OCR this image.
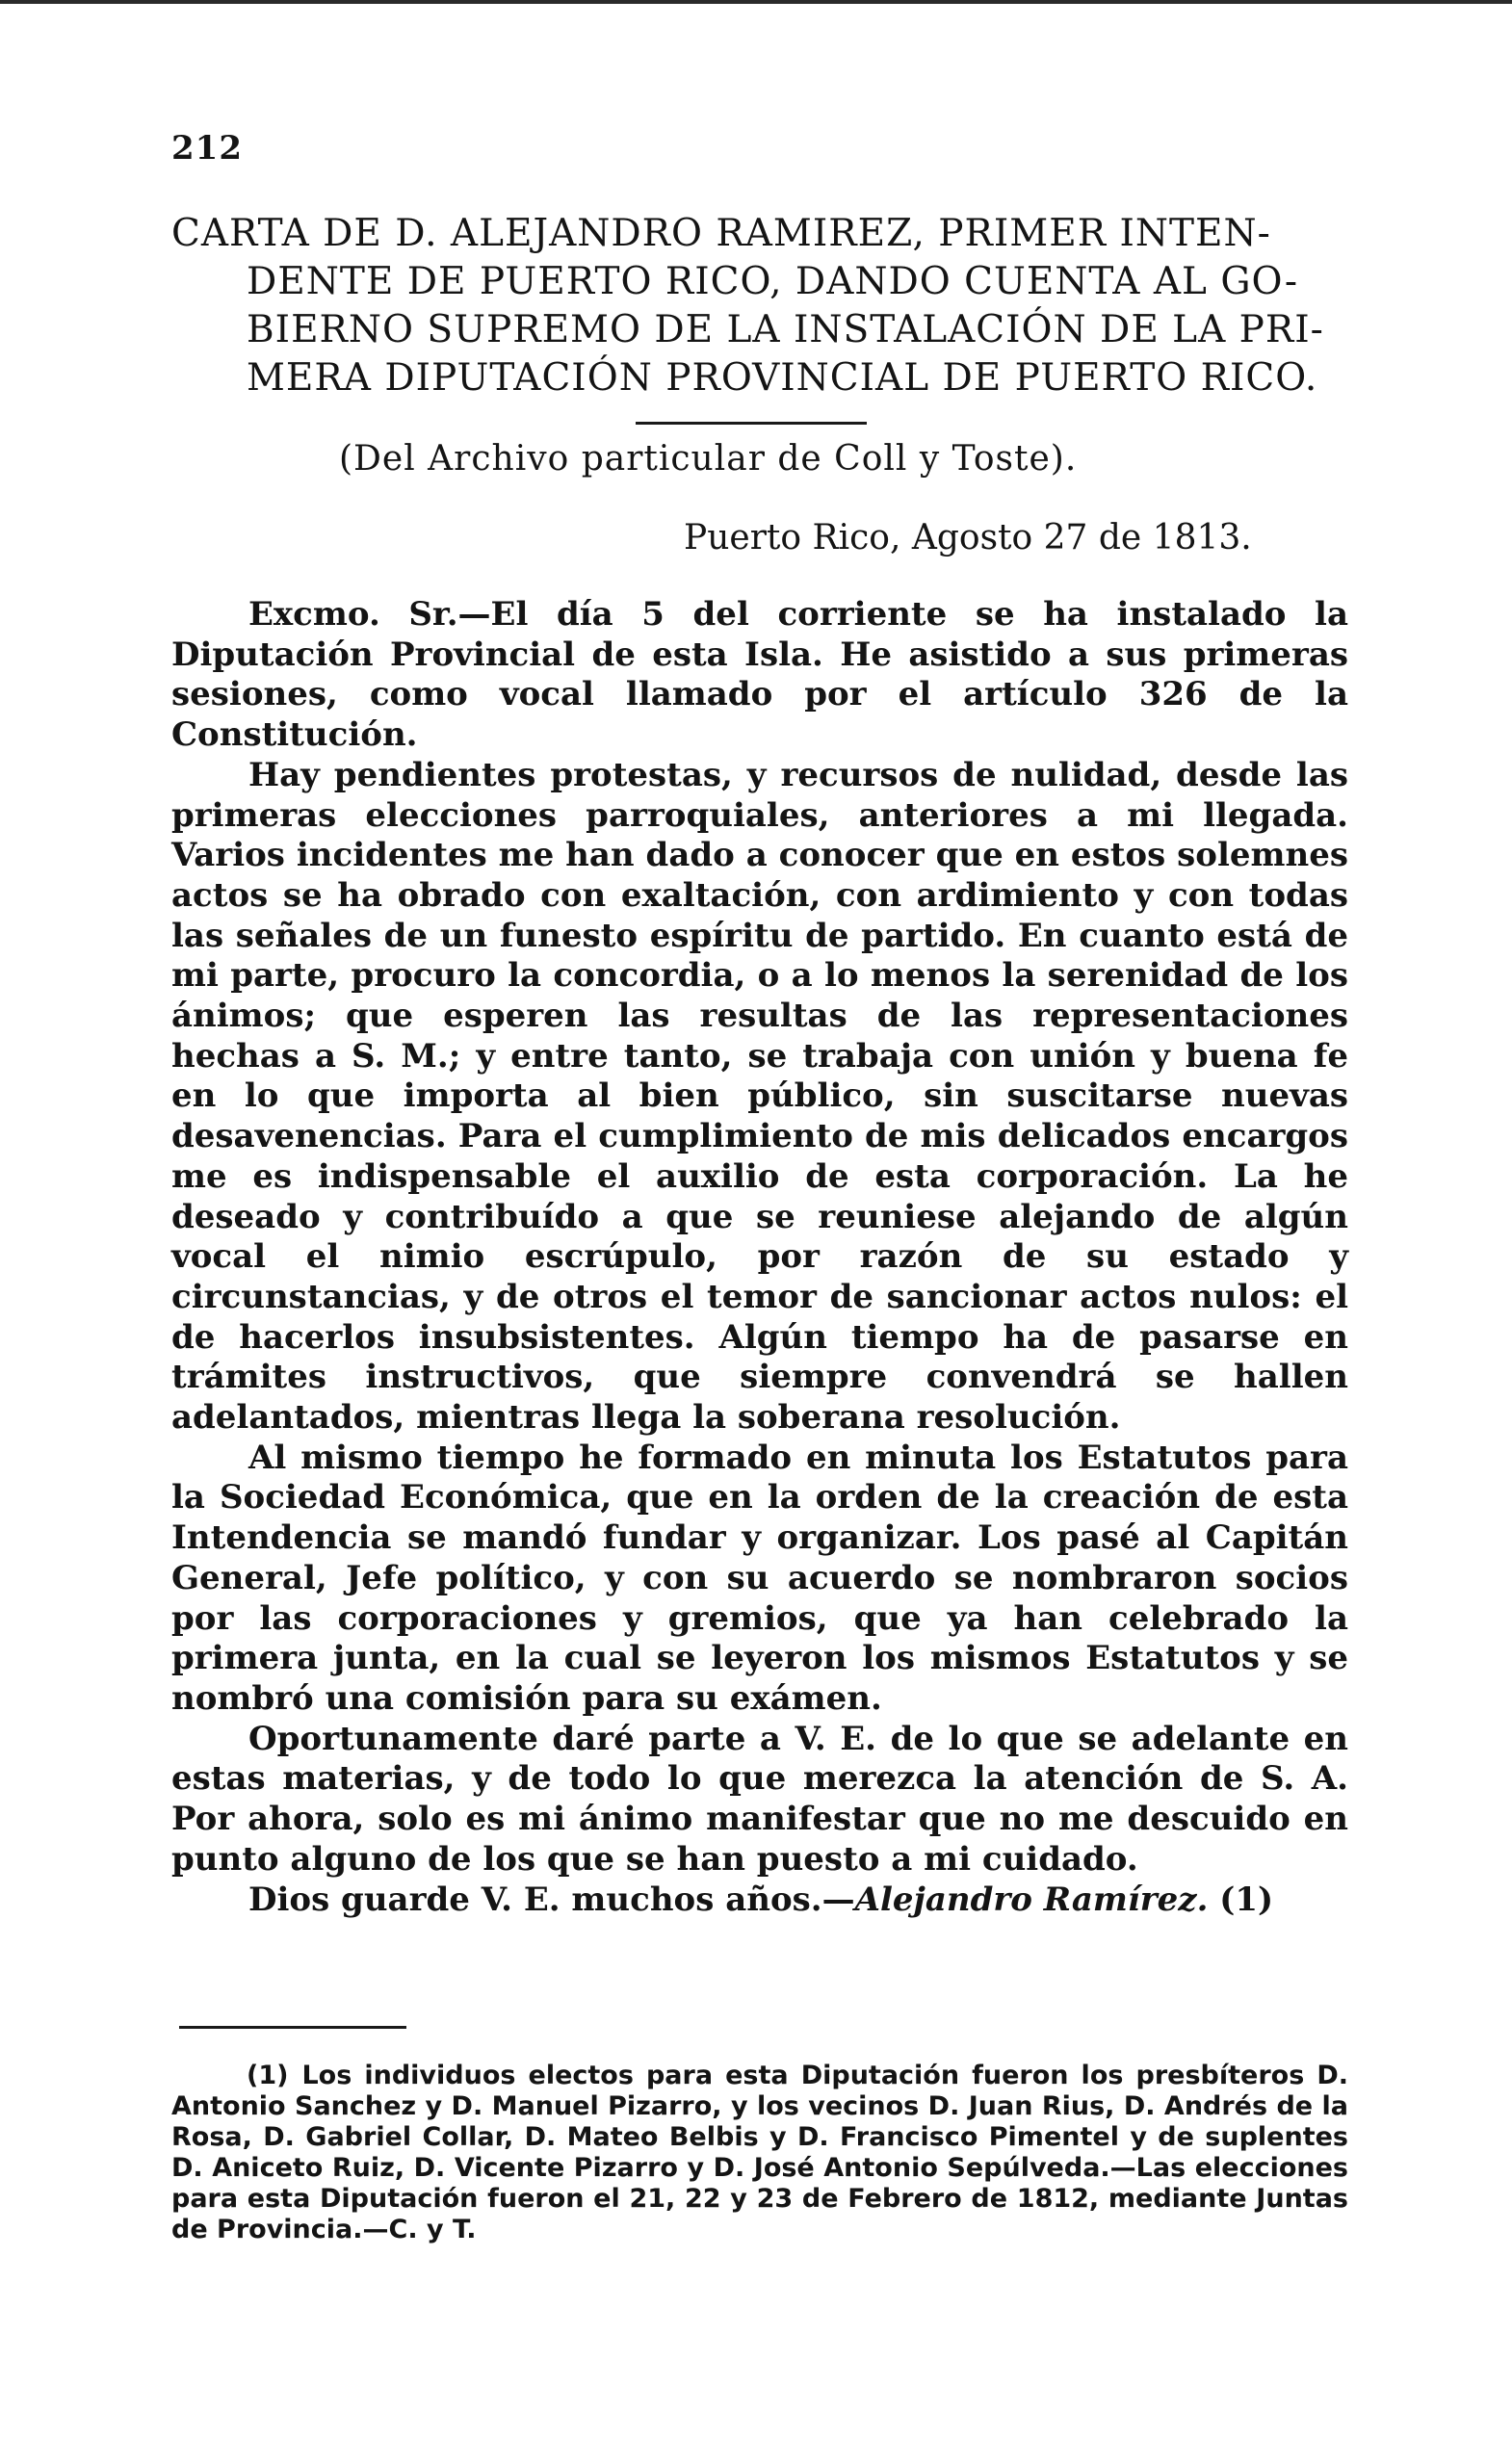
212
CARTA DE D. ALEJANDRO RAMIREZ, PRIMER INTEN-
DENTE DE PUERTO RICO, DANDO CUENTA AL GO-
BIERNO SUPREMO DE LA INSTALACIÓN DE LA PRI-
MERA DIPUTACIÓN PROVINCIAL DE PUERTO RICO.
(Del Archivo particular de Coll y Toste).
Puerto Rico, Agosto 27 de 1813.

Excmo. Sr.—El día 5 del corriente se ha instalado la Diputación Provincial de esta Isla. He asistido a sus primeras sesiones, como vocal llamado por el artículo 326 de la Constitución.

Hay pendientes protestas, y recursos de nulidad, desde las primeras elecciones parroquiales, anteriores a mi llegada. Varios incidentes me han dado a conocer que en estos solemnes actos se ha obrado con exaltación, con ardimiento y con todas las señales de un funesto espíritu de partido. En cuanto está de mi parte, procuro la concordia, o a lo menos la serenidad de los ánimos; que esperen las resultas de las representaciones hechas a S. M.; y entre tanto, se trabaja con unión y buena fe en lo que importa al bien público, sin suscitarse nuevas desavenencias. Para el cumplimiento de mis delicados encargos me es indispensable el auxilio de esta corporación. La he deseado y contribuído a que se reuniese alejando de algún vocal el nimio escrúpulo, por razón de su estado y circunstancias, y de otros el temor de sancionar actos nulos: el de hacerlos insubsistentes. Algún tiempo ha de pasarse en trámites instructivos, que siempre convendrá se hallen adelantados, mientras llega la soberana resolución.

Al mismo tiempo he formado en minuta los Estatutos para la Sociedad Económica, que en la orden de la creación de esta Intendencia se mandó fundar y organizar. Los pasé al Capitán General, Jefe político, y con su acuerdo se nombraron socios por las corporaciones y gremios, que ya han celebrado la primera junta, en la cual se leyeron los mismos Estatutos y se nombró una comisión para su exámen.

Oportunamente daré parte a V. E. de lo que se adelante en estas materias, y de todo lo que merezca la atención de S. A. Por ahora, solo es mi ánimo manifestar que no me descuido en punto alguno de los que se han puesto a mi cuidado.

Dios guarde V. E. muchos años.—Alejandro Ramírez. (1)

(1) Los individuos electos para esta Diputación fueron los presbíteros D. Antonio Sanchez y D. Manuel Pizarro, y los vecinos D. Juan Rius, D. Andrés de la Rosa, D. Gabriel Collar, D. Mateo Belbis y D. Francisco Pimentel y de suplentes D. Aniceto Ruiz, D. Vicente Pizarro y D. José Antonio Sepúlveda.—Las elecciones para esta Diputación fueron el 21, 22 y 23 de Febrero de 1812, mediante Juntas de Provincia.—C. y T.
